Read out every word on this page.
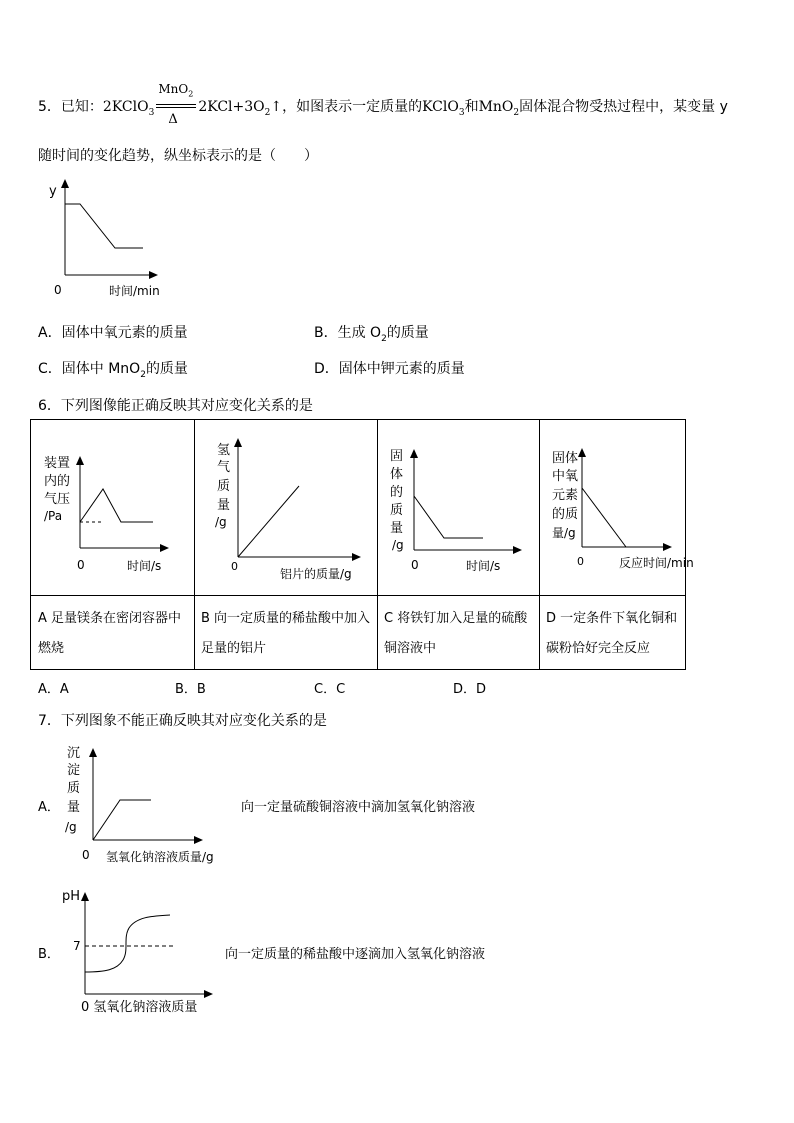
5．已知：2KClO$_3$
MnO$_2$
Δ
$2KCl+3O_2↑$，如图表示一定质量的KClO$_3$和MnO$_2$固体混合物受热过程中，某变量 y
随时间的变化趋势，纵坐标表示的是（　　）
y
0	时间/min
A．固体中氧元素的质量	B．生成 $O_2$的质量
C．固体中 MnO$_2$的质量	D．固体中钾元素的质量
6．下列图像能正确反映其对应变化关系的是
装置
内的
气压
/Pa
0	时间/s
氢
气
质
量
/g
0
铝片的质量/g
固
体
的
质
量
/g
0	时间/s
固体
中氧
元素
的质
量/g
0	反应时间/min
A 足量镁条在密闭容器中燃烧
B 向一定质量的稀盐酸中加入足量的铝片
C 将铁钉加入足量的硫酸铜溶液中
D 一定条件下氧化铜和碳粉恰好完全反应
A．A	B．B	C．C	D．D
7．下列图象不能正确反映其对应变化关系的是
A．
沉
淀
质
量
/g
0 氢氧化钠溶液质量/g
向一定量硫酸铜溶液中滴加氢氧化钠溶液
B．
pH
7
0 氢氧化钠溶液质量
向一定质量的稀盐酸中逐滴加入氢氧化钠溶液
